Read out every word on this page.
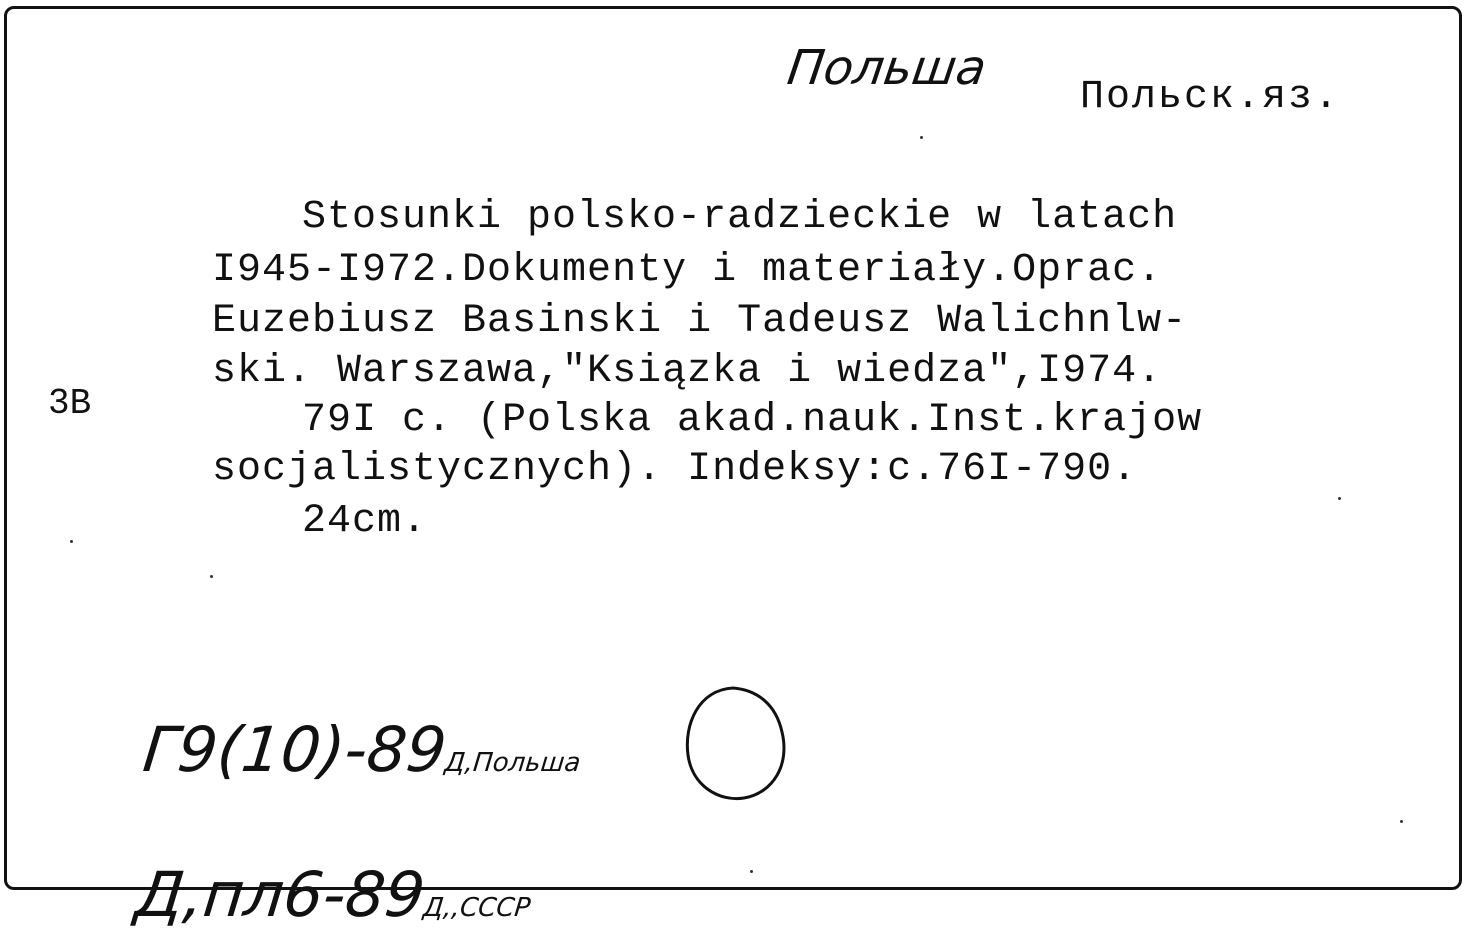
Польша
Польск.яз.
Stosunki polsko-radzieckie w latach
I945-I972.Dokumenty i materiały.Oprac.
Euzebiusz Basinski i Tadeusz Walichnlw-
ski. Warszawa,"Ksiązka i wiedza",I974.
79I c. (Polska akad.nauk.Inst.krajow
socjalistycznych). Indeksy:c.76I-790.
24cm.
3B

Г9(10)-89Д,Польша

Д,пл6-89Д,,СССР
